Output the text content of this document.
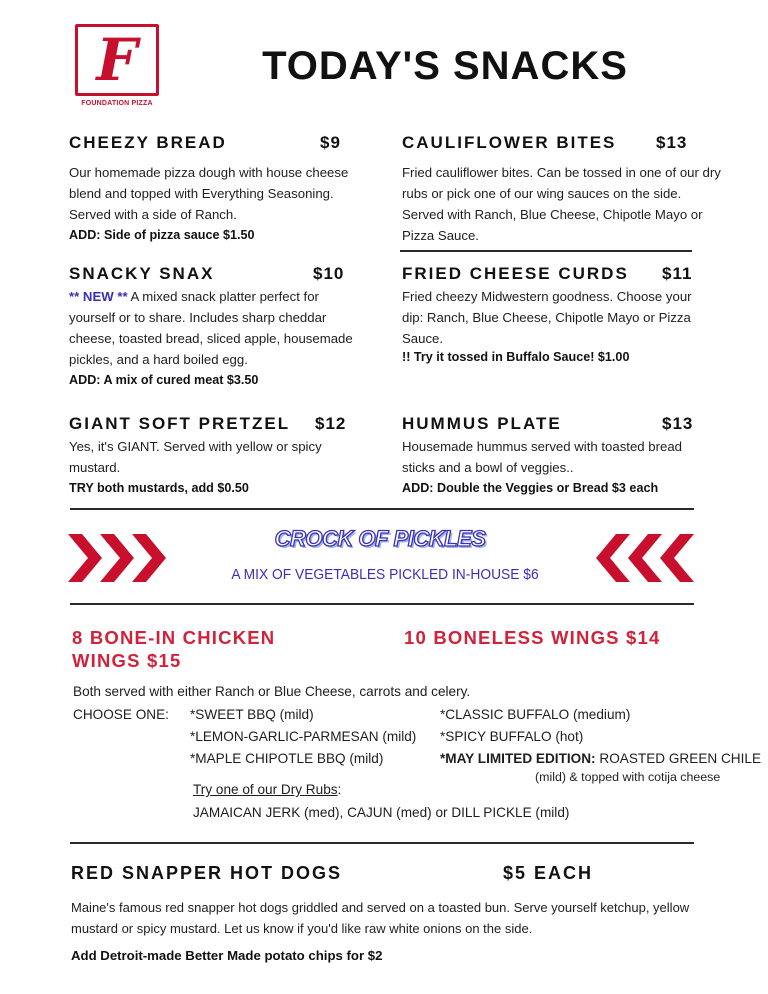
F
FOUNDATION PIZZA
TODAY'S SNACKS
CHEEZY BREAD	$9
Our homemade pizza dough with house cheese blend and topped with Everything Seasoning. Served with a side of Ranch.
ADD: Side of pizza sauce $1.50
CAULIFLOWER BITES $13
Fried cauliflower bites. Can be tossed in one of our dry rubs or pick one of our wing sauces on the side. Served with Ranch, Blue Cheese, Chipotle Mayo or Pizza Sauce.
SNACKY SNAX	$10
** NEW ** A mixed snack platter perfect for yourself or to share. Includes sharp cheddar cheese, toasted bread, sliced apple, housemade pickles, and a hard boiled egg.
ADD: A mix of cured meat $3.50
FRIED CHEESE CURDS $11
Fried cheezy Midwestern goodness. Choose your dip: Ranch, Blue Cheese, Chipotle Mayo or Pizza Sauce.
!! Try it tossed in Buffalo Sauce! $1.00
GIANT SOFT PRETZEL $12
Yes, it's GIANT. Served with yellow or spicy mustard.
TRY both mustards, add $0.50
HUMMUS PLATE	$13
Housemade hummus served with toasted bread sticks and a bowl of veggies..
ADD: Double the Veggies or Bread $3 each
CROCK OF PICKLES
A MIX OF VEGETABLES PICKLED IN-HOUSE $6
8 BONE-IN CHICKEN WINGS $15
10 BONELESS WINGS $14
Both served with either Ranch or Blue Cheese, carrots and celery.
CHOOSE ONE: *SWEET BBQ (mild)
*LEMON-GARLIC-PARMESAN (mild)
*MAPLE CHIPOTLE BBQ (mild)
*CLASSIC BUFFALO (medium)
*SPICY BUFFALO (hot)
*MAY LIMITED EDITION: ROASTED GREEN CHILE
(mild) & topped with cotija cheese
Try one of our Dry Rubs:
JAMAICAN JERK (med), CAJUN (med) or DILL PICKLE (mild)
RED SNAPPER HOT DOGS	$5 EACH
Maine's famous red snapper hot dogs griddled and served on a toasted bun. Serve yourself ketchup, yellow mustard or spicy mustard. Let us know if you'd like raw white onions on the side.
Add Detroit-made Better Made potato chips for $2
